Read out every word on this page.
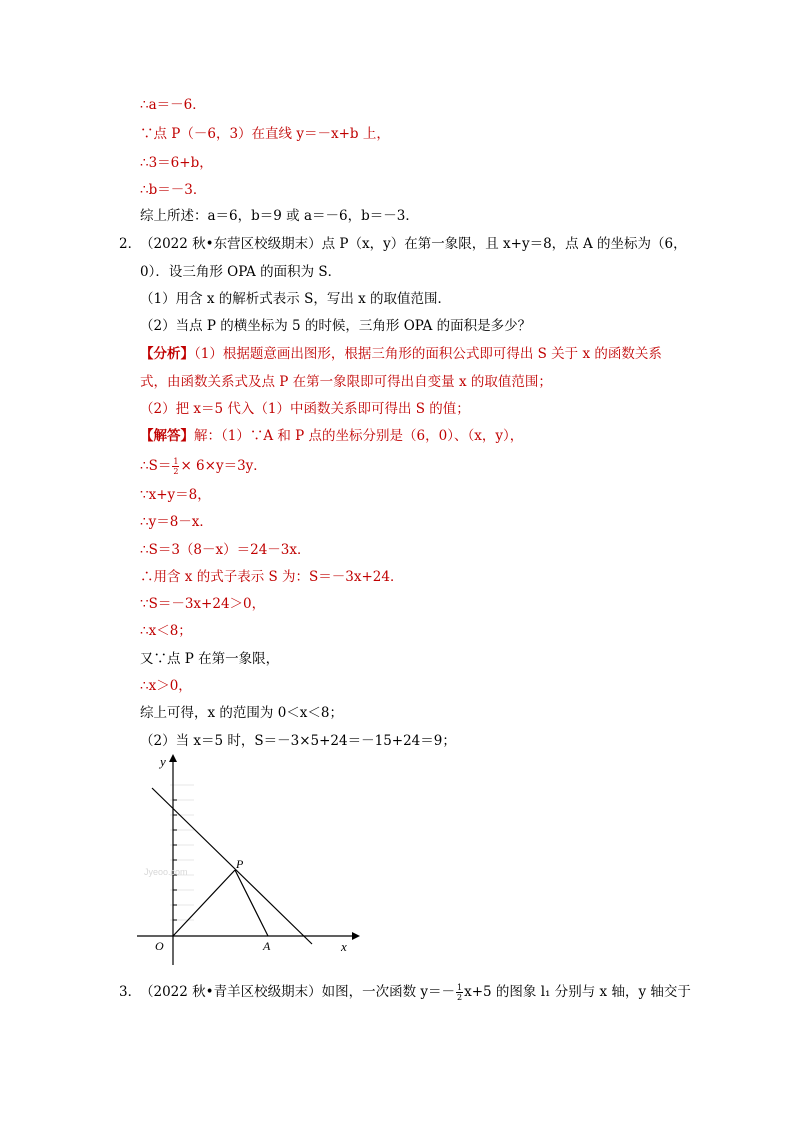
∴a＝－6．
∵点 P（－6，3）在直线 y＝－x+b 上，
∴3＝6+b，
∴b＝－3．
综上所述：a＝6，b＝9 或 a＝－6，b＝－3．
2．
（2022 秋•东营区校级期末）点 P（x，y）在第一象限，且 x+y＝8，点 A 的坐标为（6，
0）．设三角形 OPA 的面积为 S．
（1）用含 x 的解析式表示 S，写出 x 的取值范围．
（2）当点 P 的横坐标为 5 的时候，三角形 OPA 的面积是多少？
【分析】（1）根据题意画出图形，根据三角形的面积公式即可得出 S 关于 x 的函数关系
式，由函数关系式及点 P 在第一象限即可得出自变量 x 的取值范围；
（2）把 x＝5 代入（1）中函数关系即可得出 S 的值；
【解答】解：（1）∵A 和 P 点的坐标分别是（6，0）、（x，y），
∴S＝ $\frac{1}{2} \times 6\times y=3y$．
∵x+y＝8，
∴y＝8－x．
∴S＝3（8－x）＝24－3x．
∴用含 x 的式子表示 S 为：S＝－3x+24．
∵S＝－3x+24＞0，
∴x＜8；
又∵点 P 在第一象限，
∴x＞0，
综上可得，x 的范围为 0＜x＜8；
（2）当 x＝5 时，S＝－3×5+24＝－15+24＝9；
y
x
O	A
P
Jyeoo.com
3．
（2022 秋•青羊区校级期末）如图，一次函数 $y=- \frac{1}{2} x+5$ 的图象 l₁ 分别与 x 轴，y 轴交于
